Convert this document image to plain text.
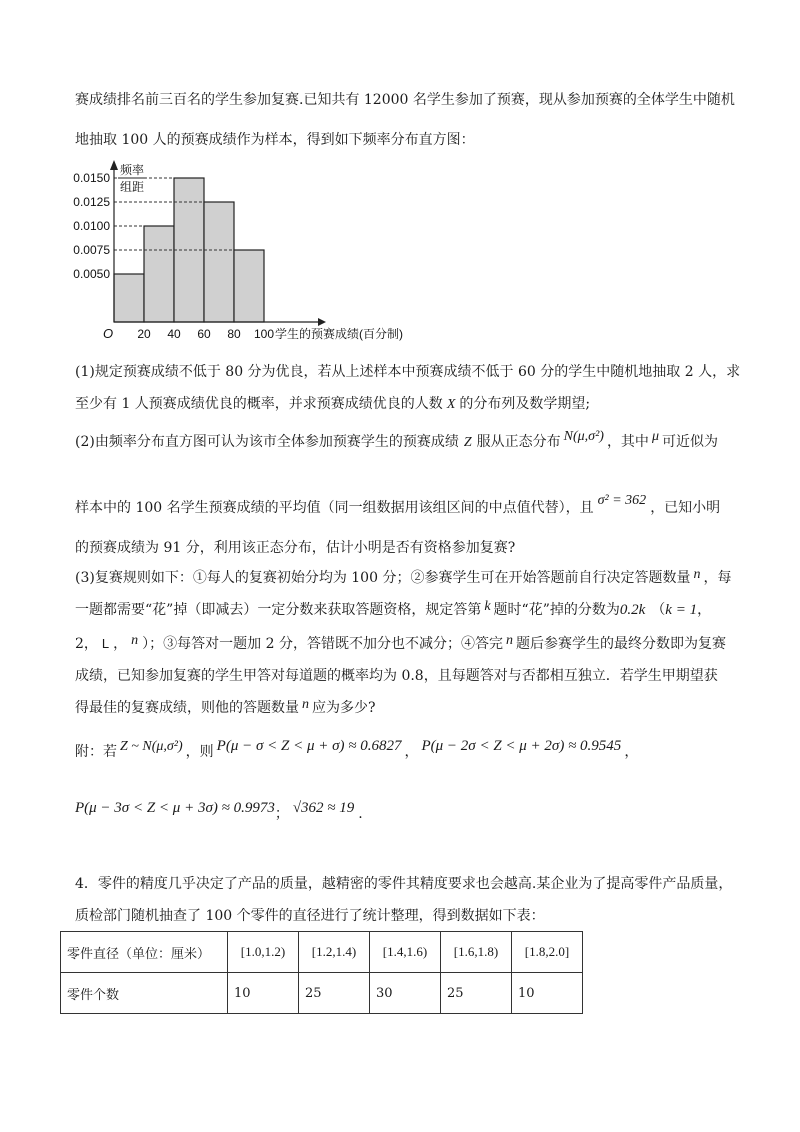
赛成绩排名前三百名的学生参加复赛.已知共有 12000 名学生参加了预赛，现从参加预赛的全体学生中随机
地抽取 100 人的预赛成绩作为样本，得到如下频率分布直方图：
0.0150
0.0125
0.0100
0.0075
0.0050
20 40 60 80 100
O
频率
组距
学生的预赛成绩(百分制)
(1)规定预赛成绩不低于 80 分为优良，若从上述样本中预赛成绩不低于 60 分的学生中随机地抽取 2 人，求
至少有 1 人预赛成绩优良的概率，并求预赛成绩优良的人数 X 的分布列及数学期望;
(2)由频率分布直方图可认为该市全体参加预赛学生的预赛成绩 Z 服从正态分布 N(μ,σ²) ，其中 μ 可近似为
样本中的 100 名学生预赛成绩的平均值（同一组数据用该组区间的中点值代替），且 σ² = 362 ，已知小明
的预赛成绩为 91 分，利用该正态分布，估计小明是否有资格参加复赛?
(3)复赛规则如下：①每人的复赛初始分均为 100 分；②参赛学生可在开始答题前自行决定答题数量 n ，每
一题都需要“花”掉（即减去）一定分数来获取答题资格，规定答第 k 题时“花”掉的分数为0.2k （k = 1，
2， L ， n ）；③每答对一题加 2 分，答错既不加分也不减分；④答完 n 题后参赛学生的最终分数即为复赛
成绩，已知参加复赛的学生甲答对每道题的概率均为 0.8，且每题答对与否都相互独立．若学生甲期望获
得最佳的复赛成绩，则他的答题数量 n 应为多少?
附：若 Z ~ N(μ,σ²) ，则 P(μ − σ < Z < μ + σ) ≈ 0.6827 ， P(μ − 2σ < Z < μ + 2σ) ≈ 0.9545 ，
P(μ − 3σ < Z < μ + 3σ) ≈ 0.9973； √362 ≈ 19 .
4．零件的精度几乎决定了产品的质量，越精密的零件其精度要求也会越高.某企业为了提高零件产品质量，
质检部门随机抽查了 100 个零件的直径进行了统计整理，得到数据如下表：
零件直径（单位：厘米）	[1.0,1.2)	[1.2,1.4)	[1.4,1.6)	[1.6,1.8)	[1.8,2.0]
零件个数	10	25	30	25	10
